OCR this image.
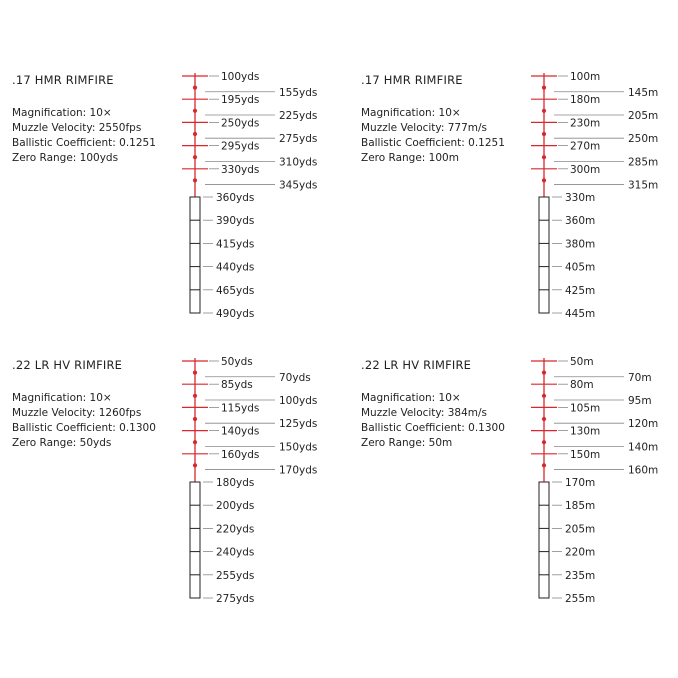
.17 HMR RIMFIRE
Magnification: 10×
Muzzle Velocity: 2550fps
Ballistic Coefficient: 0.1251
Zero Range: 100yds
100yds
155yds
195yds
225yds
250yds
275yds
295yds
310yds
330yds
345yds
360yds
390yds
415yds
440yds
465yds
490yds
.17 HMR RIMFIRE
Magnification: 10×
Muzzle Velocity: 777m/s
Ballistic Coefficient: 0.1251
Zero Range: 100m
100m
145m
180m
205m
230m
250m
270m
285m
300m
315m
330m
360m
380m
405m
425m
445m
.22 LR HV RIMFIRE
Magnification: 10×
Muzzle Velocity: 1260fps
Ballistic Coefficient: 0.1300
Zero Range: 50yds
50yds
70yds
85yds
100yds
115yds
125yds
140yds
150yds
160yds
170yds
180yds
200yds
220yds
240yds
255yds
275yds
.22 LR HV RIMFIRE
Magnification: 10×
Muzzle Velocity: 384m/s
Ballistic Coefficient: 0.1300
Zero Range: 50m
50m
70m
80m
95m
105m
120m
130m
140m
150m
160m
170m
185m
205m
220m
235m
255m
